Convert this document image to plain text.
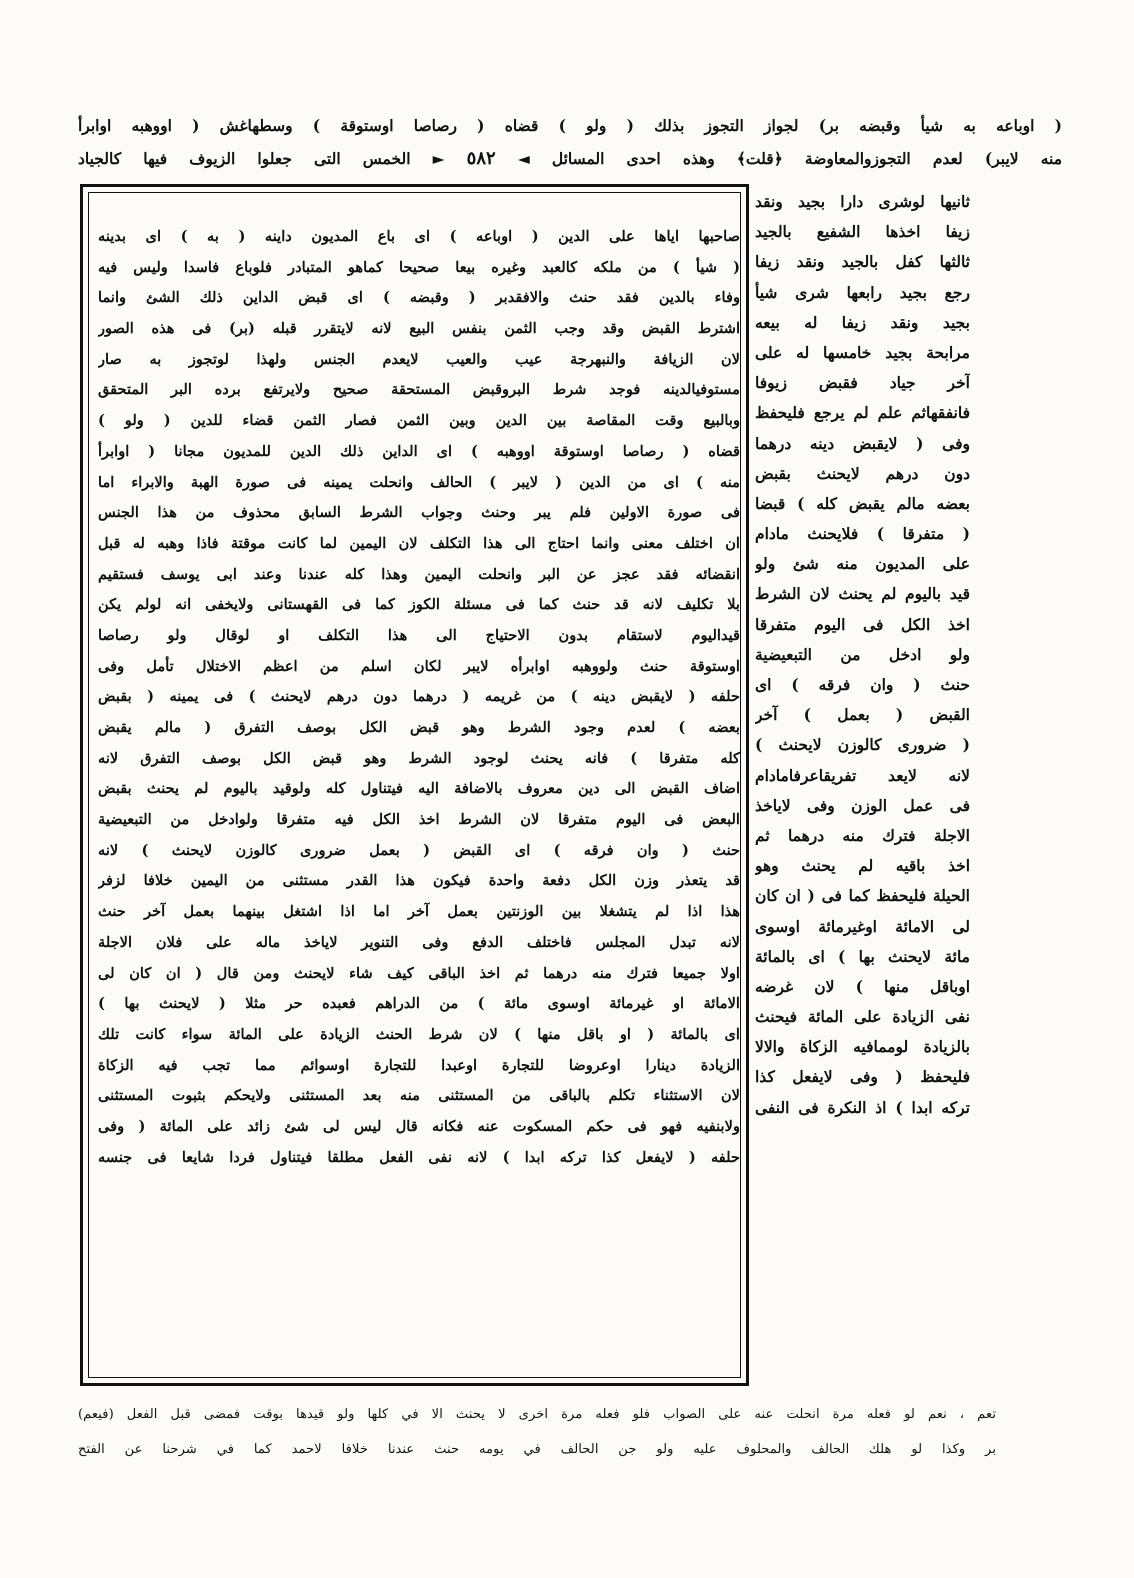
( اوباعه به شيأ وقبضه بر) لجواز التجوز بذلك ( ولو ) قضاه ( رصاصا اوستوقة ) وسطهاغش ( اووهبه اوابرأ
منه لايبر) لعدم التجوزوالمعاوضة ﴿قلت﴾ وهذه احدى المسائل ◄ ٥٨٢ ► الخمس التى جعلوا الزيوف فيها كالجياد
ثانيها لوشرى دارا بجيد ونقد
زيفا اخذها الشفيع بالجيد
ثالثها كفل بالجيد ونقد زيفا
رجع بجيد رابعها شرى شيأ
بجيد ونقد زيفا له بيعه
مرابحة بجيد خامسها له على
آخر جياد فقبض زيوفا
فانفقهاثم علم لم يرجع فليحفظ
وفى ( لايقبض دينه درهما
دون درهم لايحنث بقبض
بعضه مالم يقبض كله ) قبضا
( متفرقا ) فلايحنث مادام
على المديون منه شئ ولو
قيد باليوم لم يحنث لان الشرط
اخذ الكل فى اليوم متفرقا
ولو ادخل من التبعيضية
حنث ( وان فرقه ) اى
القبض ( بعمل ) آخر
( ضرورى كالوزن لايحنث )
لانه لايعد تفريقاعرفامادام
فى عمل الوزن وفى لاياخذ
الاجلة فترك منه درهما ثم
اخذ باقيه لم يحنث وهو
الحيلة فليحفظ كما فى ( ان كان
لى الامائة اوغيرمائة اوسوى
مائة لايحنث بها ) اى بالمائة
اوباقل منها ) لان غرضه
نفى الزيادة على المائة فيحنث
بالزيادة لوممافيه الزكاة والالا
فليحفظ ( وفى لايفعل كذا
تركه ابدا ) اذ النكرة فى النفى
صاحبها اياها على الدين ( اوباعه ) اى باع المديون داينه ( به ) اى بدينه
( شيأ ) من ملكه كالعبد وغيره بيعا صحيحا كماهو المتبادر فلوباع فاسدا وليس فيه
وفاء بالدين فقد حنث والافقدبر ( وقبضه ) اى قبض الداين ذلك الشئ وانما
اشترط القبض وقد وجب الثمن بنفس البيع لانه لايتقرر قبله (بر) فى هذه الصور
لان الزيافة والنبهرجة عيب والعيب لايعدم الجنس ولهذا لوتجوز به صار
مستوفيالدينه فوجد شرط البروقبض المستحقة صحيح ولايرتفع برده البر المتحقق
وبالبيع وقت المقاصة بين الدين وبين الثمن فصار الثمن قضاء للدين ( ولو )
قضاه ( رصاصا اوستوقة اووهبه ) اى الداين ذلك الدين للمديون مجانا ( اوابرأ
منه ) اى من الدين ( لايبر ) الحالف وانحلت يمينه فى صورة الهبة والابراء اما
فى صورة الاولين فلم يبر وحنث وجواب الشرط السابق محذوف من هذا الجنس
ان اختلف معنى وانما احتاج الى هذا التكلف لان اليمين لما كانت موقتة فاذا وهبه له قبل
انقضائه فقد عجز عن البر وانحلت اليمين وهذا كله عندنا وعند ابى يوسف فستقيم
بلا تكليف لانه قد حنث كما فى مسئلة الكوز كما فى القهستانى ولايخفى انه لولم يكن
قيداليوم لاستقام بدون الاحتياج الى هذا التكلف او لوقال ولو رصاصا
اوستوقة حنث ولووهبه اوابرأه لايبر لكان اسلم من اعظم الاختلال تأمل وفى
حلفه ( لايقبض دينه ) من غريمه ( درهما دون درهم لايحنث ) فى يمينه ( بقبض
بعضه ) لعدم وجود الشرط وهو قبض الكل بوصف التفرق ( مالم يقبض
كله متفرقا ) فانه يحنث لوجود الشرط وهو قبض الكل بوصف التفرق لانه
اضاف القبض الى دين معروف بالاضافة اليه فيتناول كله ولوقيد باليوم لم يحنث بقبض
البعض فى اليوم متفرقا لان الشرط اخذ الكل فيه متفرقا ولوادخل من التبعيضية
حنث ( وان فرقه ) اى القبض ( بعمل ضرورى كالوزن لايحنث ) لانه
قد يتعذر وزن الكل دفعة واحدة فيكون هذا القدر مستثنى من اليمين خلافا لزفر
هذا اذا لم يتشغلا بين الوزنتين بعمل آخر اما اذا اشتغل بينهما بعمل آخر حنث
لانه تبدل المجلس فاختلف الدفع وفى التنوير لاياخذ ماله على فلان الاجلة
اولا جميعا فترك منه درهما ثم اخذ الباقى كيف شاء لايحنث ومن قال ( ان كان لى
الامائة او غيرمائة اوسوى مائة ) من الدراهم فعبده حر مثلا ( لايحنث بها )
اى بالمائة ( او باقل منها ) لان شرط الحنث الزيادة على المائة سواء كانت تلك
الزيادة دينارا اوعروضا للتجارة اوعبدا للتجارة اوسوائم مما تجب فيه الزكاة
لان الاستثناء تكلم بالباقى من المستثنى منه بعد المستثنى ولايحكم بثبوت المستثنى
ولابنفيه فهو فى حكم المسكوت عنه فكانه قال ليس لى شئ زائد على المائة ( وفى
حلفه ( لايفعل كذا تركه ابدا ) لانه نفى الفعل مطلقا فيتناول فردا شايعا فى جنسه
تعم ، نعم لو فعله مرة انحلت عنه على الصواب فلو فعله مرة اخرى لا يحنث الا في كلها ولو قيدها بوقت فمضى قبل الفعل (فيعم)
بر وكذا لو هلك الحالف والمحلوف عليه ولو جن الحالف في يومه حنث عندنا خلافا لاحمد كما في شرحنا عن الفتح
